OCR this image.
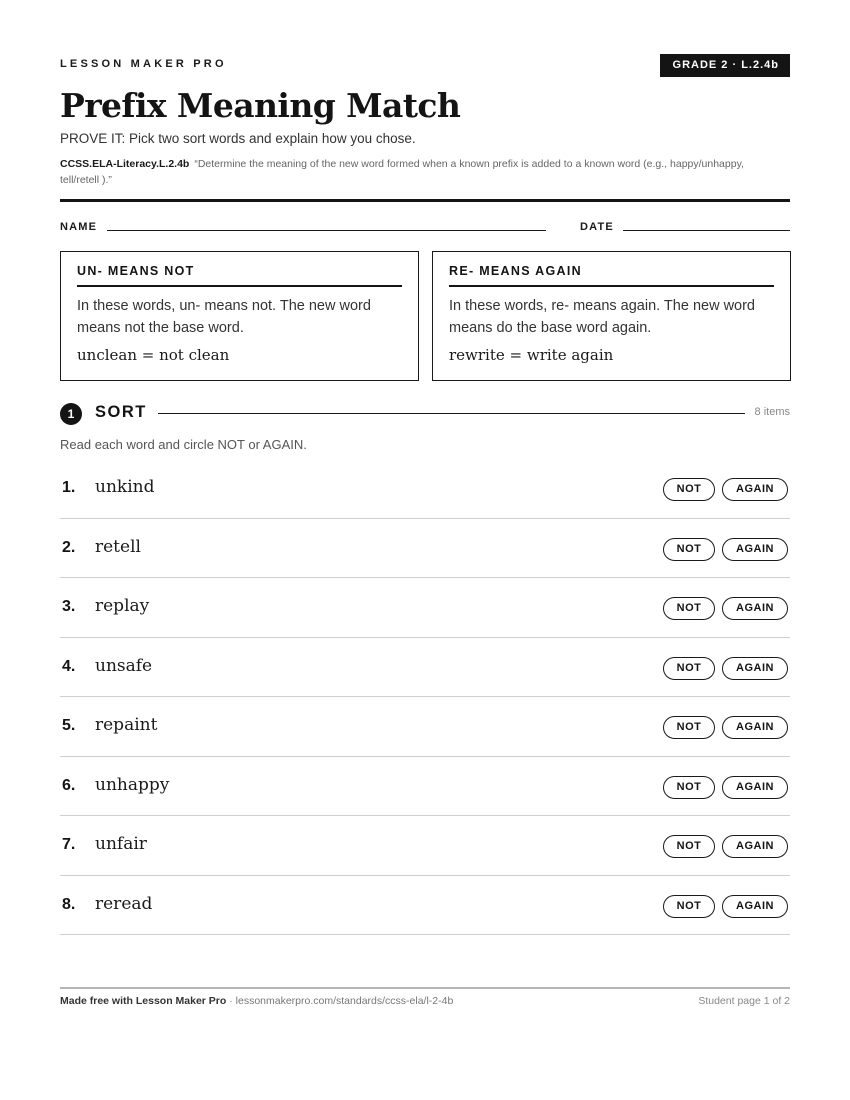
LESSON MAKER PRO	GRADE 2 · L.2.4b
Prefix Meaning Match
PROVE IT: Pick two sort words and explain how you chose.
CCSS.ELA-Literacy.L.2.4b “Determine the meaning of the new word formed when a known prefix is added to a known word (e.g., happy/unhappy, tell/retell ).”
NAME	DATE
UN- MEANS NOT
In these words, un- means not. The new word means not the base word.
unclean = not clean
RE- MEANS AGAIN
In these words, re- means again. The new word means do the base word again.
rewrite = write again
1	SORT	8 items
Read each word and circle NOT or AGAIN.
1. unkind	NOT	AGAIN
2. retell	NOT	AGAIN
3. replay	NOT	AGAIN
4. unsafe	NOT	AGAIN
5. repaint	NOT	AGAIN
6. unhappy	NOT	AGAIN
7. unfair	NOT	AGAIN
8. reread	NOT	AGAIN
Made free with Lesson Maker Pro · lessonmakerpro.com/standards/ccss-ela/l-2-4b	Student page 1 of 2
